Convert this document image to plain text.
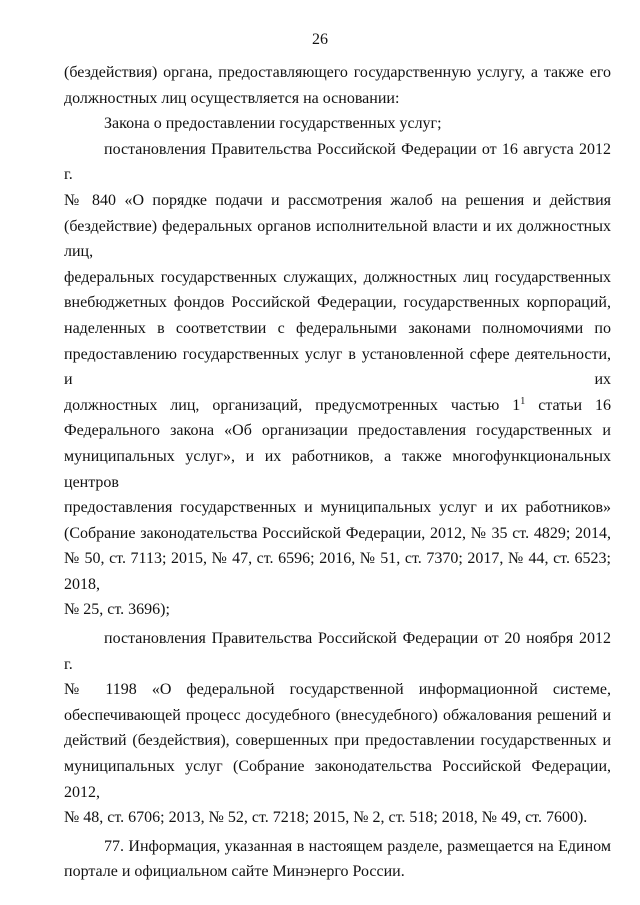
26

(бездействия) органа, предоставляющего государственную услугу, а также его
должностных лиц осуществляется на основании:

Закона о предоставлении государственных услуг;

постановления Правительства Российской Федерации от 16 августа 2012 г.
№ 840 «О порядке подачи и рассмотрения жалоб на решения и действия
(бездействие) федеральных органов исполнительной власти и их должностных лиц,
федеральных государственных служащих, должностных лиц государственных
внебюджетных фондов Российской Федерации, государственных корпораций,
наделенных в соответствии с федеральными законами полномочиями по
предоставлению государственных услуг в установленной сфере деятельности, и их
должностных лиц, организаций, предусмотренных частью $1^1$ статьи 16
Федерального закона «Об организации предоставления государственных и
муниципальных услуг», и их работников, а также многофункциональных центров
предоставления государственных и муниципальных услуг и их работников»
(Собрание законодательства Российской Федерации, 2012, № 35 ст. 4829; 2014,
№ 50, ст. 7113; 2015, № 47, ст. 6596; 2016, № 51, ст. 7370; 2017, № 44, ст. 6523; 2018,
№ 25, ст. 3696);

постановления Правительства Российской Федерации от 20 ноября 2012 г.
№ 1198 «О федеральной государственной информационной системе,
обеспечивающей процесс досудебного (внесудебного) обжалования решений и
действий (бездействия), совершенных при предоставлении государственных и
муниципальных услуг (Собрание законодательства Российской Федерации, 2012,
№ 48, ст. 6706; 2013, № 52, ст. 7218; 2015, № 2, ст. 518; 2018, № 49, ст. 7600).

77. Информация, указанная в настоящем разделе, размещается на Едином
портале и официальном сайте Минэнерго России.
